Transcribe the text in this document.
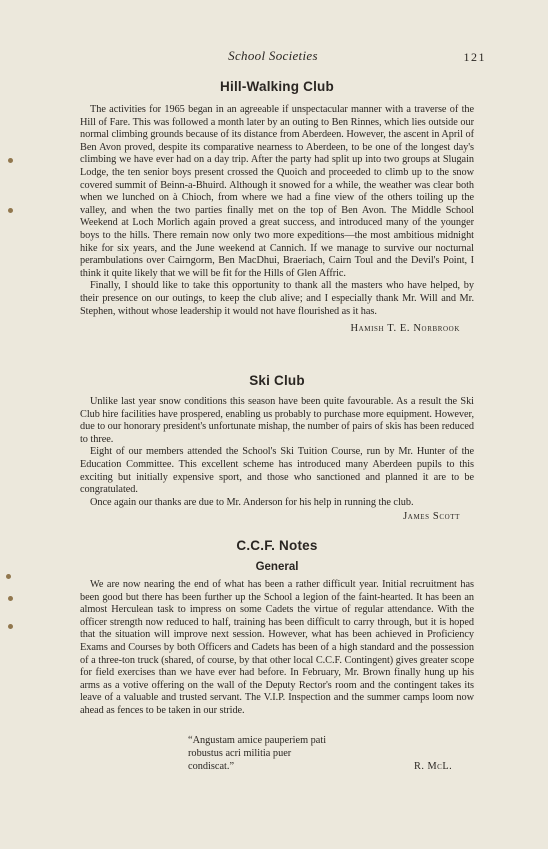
School Societies	121
Hill-Walking Club

The activities for 1965 began in an agreeable if unspectacular manner with a traverse of the Hill of Fare. This was followed a month later by an outing to Ben Rinnes, which lies outside our normal climbing grounds because of its distance from Aberdeen. However, the ascent in April of Ben Avon proved, despite its comparative nearness to Aberdeen, to be one of the longest day's climbing we have ever had on a day trip. After the party had split up into two groups at Slugain Lodge, the ten senior boys present crossed the Quoich and proceeded to climb up to the snow covered summit of Beinn-a-Bhuird. Although it snowed for a while, the weather was clear both when we lunched on à Chioch, from where we had a fine view of the others toiling up the valley, and when the two parties finally met on the top of Ben Avon. The Middle School Weekend at Loch Morlich again proved a great success, and introduced many of the younger boys to the hills. There remain now only two more expeditions—the most ambitious midnight hike for six years, and the June weekend at Cannich. If we manage to survive our nocturnal perambulations over Cairngorm, Ben MacDhui, Braeriach, Cairn Toul and the Devil's Point, I think it quite likely that we will be fit for the Hills of Glen Affric.

Finally, I should like to take this opportunity to thank all the masters who have helped, by their presence on our outings, to keep the club alive; and I especially thank Mr. Will and Mr. Stephen, without whose leadership it would not have flourished as it has.

Hamish T. E. Norbrook
Ski Club

Unlike last year snow conditions this season have been quite favourable. As a result the Ski Club hire facilities have prospered, enabling us probably to purchase more equipment. However, due to our honorary president's unfortunate mishap, the number of pairs of skis has been reduced to three.

Eight of our members attended the School's Ski Tuition Course, run by Mr. Hunter of the Education Committee. This excellent scheme has introduced many Aberdeen pupils to this exciting but initially expensive sport, and those who sanctioned and planned it are to be congratulated.

Once again our thanks are due to Mr. Anderson for his help in running the club.

James Scott
C.C.F. Notes
General

We are now nearing the end of what has been a rather difficult year. Initial recruitment has been good but there has been further up the School a legion of the faint-hearted. It has been an almost Herculean task to impress on some Cadets the virtue of regular attendance. With the officer strength now reduced to half, training has been difficult to carry through, but it is hoped that the situation will improve next session. However, what has been achieved in Proficiency Exams and Courses by both Officers and Cadets has been of a high standard and the possession of a three-ton truck (shared, of course, by that other local C.C.F. Contingent) gives greater scope for field exercises than we have ever had before. In February, Mr. Brown finally hung up his arms as a votive offering on the wall of the Deputy Rector's room and the contingent takes its leave of a valuable and trusted servant. The V.I.P. Inspection and the summer camps loom now ahead as fences to be taken in our stride.

“Angustam amice pauperiem pati
robustus acri militia puer
condiscat.”	R. McL.
